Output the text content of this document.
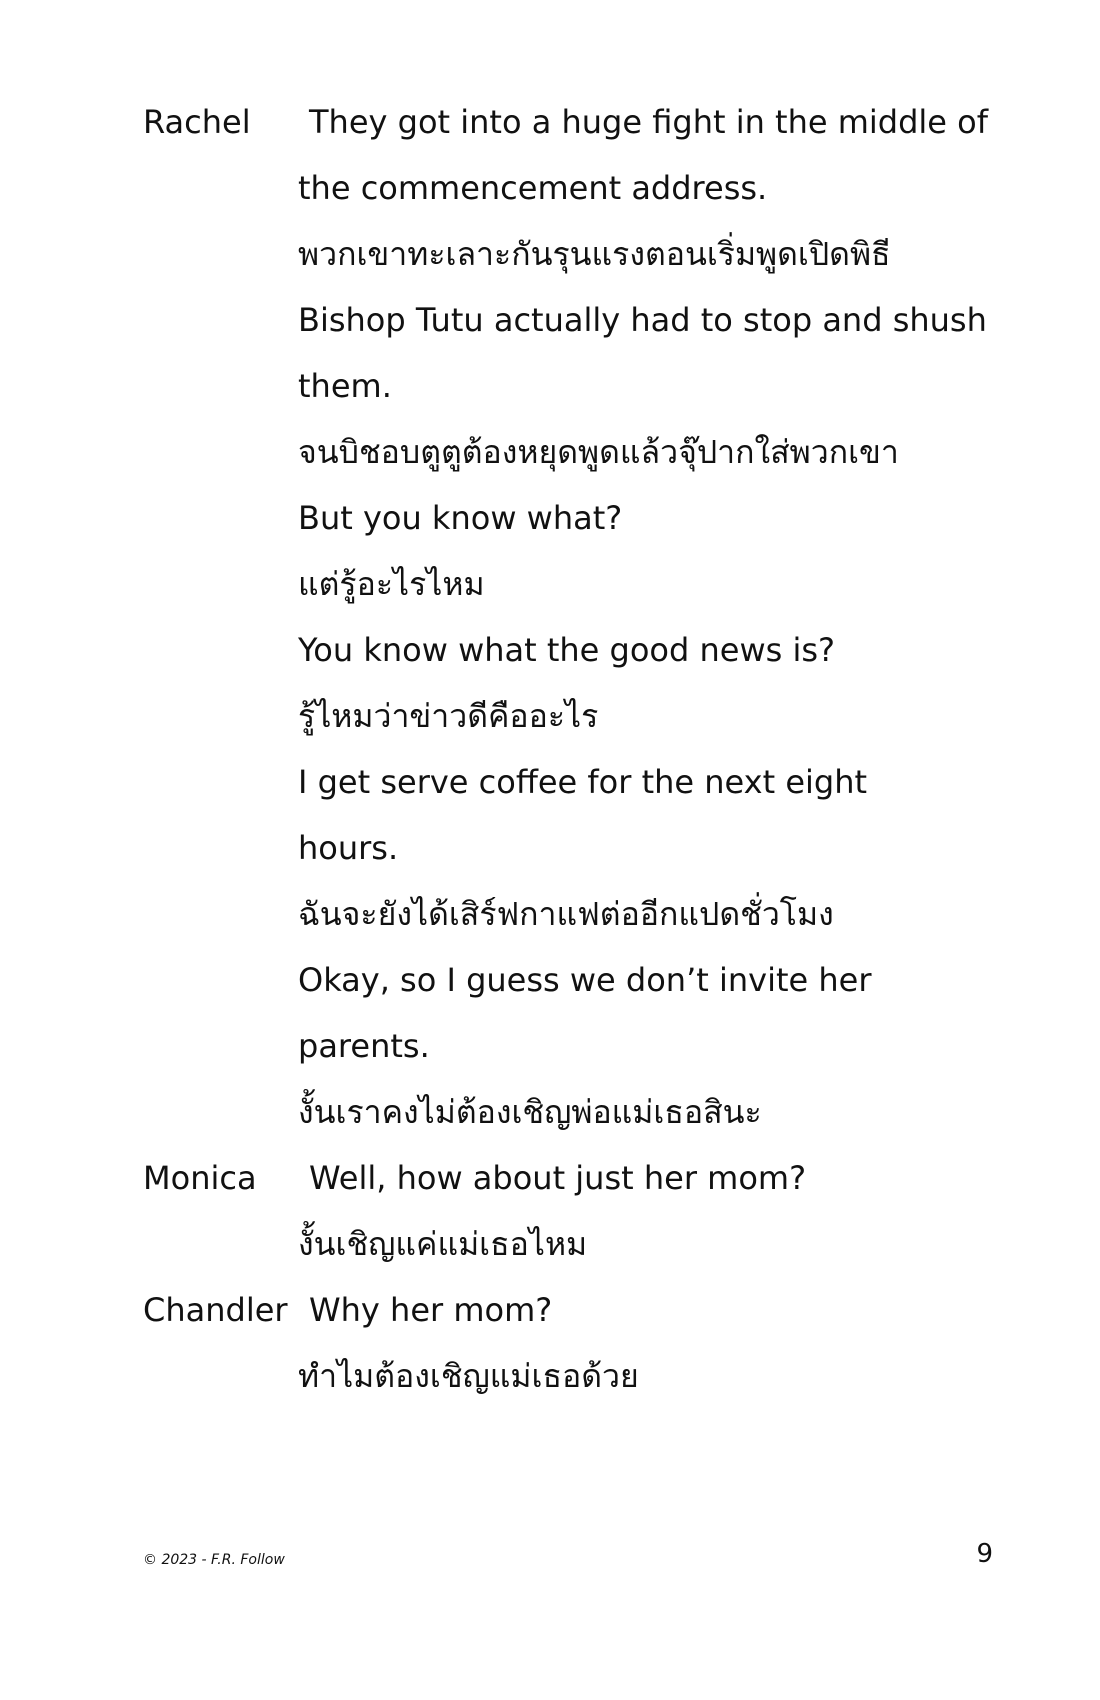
Rachel They got into a huge fight in the middle of
the commencement address.
พวกเขาทะเลาะกันรุนแรงตอนเริ่มพูดเปิดพิธี
Bishop Tutu actually had to stop and shush
them.
จนบิชอบตูตูต้องหยุดพูดแล้วจุ๊ปากใส่พวกเขา
But you know what?
แต่รู้อะไรไหม
You know what the good news is?
รู้ไหมว่าข่าวดีคืออะไร
I get serve coffee for the next eight
hours.
ฉันจะยังได้เสิร์ฟกาแฟต่ออีกแปดชั่วโมง
Okay, so I guess we don’t invite her
parents.
งั้นเราคงไม่ต้องเชิญพ่อแม่เธอสินะ
Monica Well, how about just her mom?
งั้นเชิญแค่แม่เธอไหม
Chandler Why her mom?
ทำไมต้องเชิญแม่เธอด้วย
© 2023 - F.R. Follow	9
